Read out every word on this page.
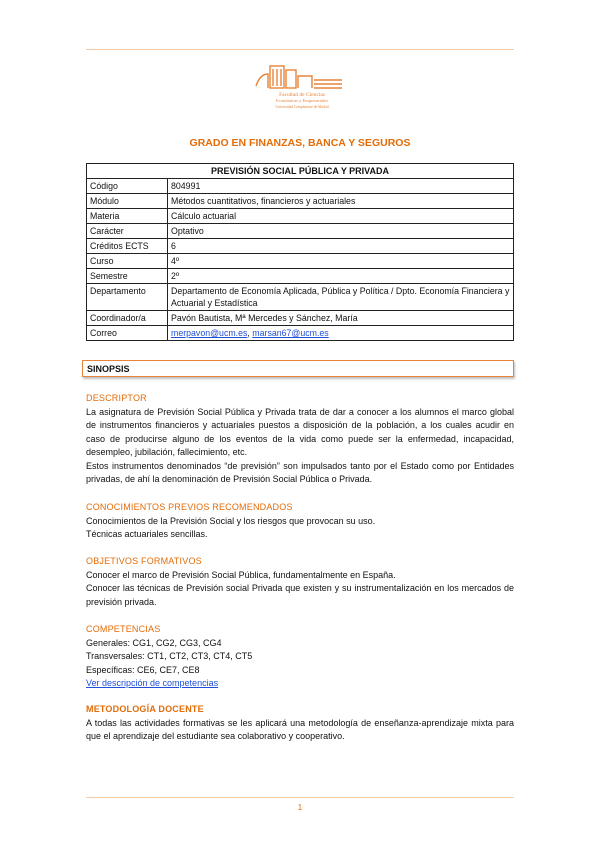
Facultad de Ciencias
Económicas y Empresariales
Universidad Complutense de Madrid
GRADO EN FINANZAS, BANCA Y SEGUROS
PREVISIÓN SOCIAL PÚBLICA Y PRIVADA	
Código	804991
Módulo	Métodos cuantitativos, financieros y actuariales
Materia	Cálculo actuarial
Carácter	Optativo
Créditos ECTS	6
Curso	4º
Semestre	2º
Departamento	Departamento de Economía Aplicada, Pública y Política / Dpto. Economía Financiera y Actuarial y Estadística
Coordinador/a	Pavón Bautista, Mª Mercedes y Sánchez, María
Correo	merpavon@ucm.es, marsan67@ucm.es
SINOPSIS
DESCRIPTOR

La asignatura de Previsión Social Pública y Privada trata de dar a conocer a los alumnos el marco global de instrumentos financieros y actuariales puestos a disposición de la población, a los cuales acudir en caso de producirse alguno de los eventos de la vida como puede ser la enfermedad, incapacidad, desempleo, jubilación, fallecimiento, etc.

Estos instrumentos denominados “de previsión” son impulsados tanto por el Estado como por Entidades privadas, de ahí la denominación de Previsión Social Pública o Privada.

CONOCIMIENTOS PREVIOS RECOMENDADOS

Conocimientos de la Previsión Social y los riesgos que provocan su uso.

Técnicas actuariales sencillas.

OBJETIVOS FORMATIVOS

Conocer el marco de Previsión Social Pública, fundamentalmente en España.

Conocer las técnicas de Previsión social Privada que existen y su instrumentalización en los mercados de previsión privada.

COMPETENCIAS

Generales: CG1, CG2, CG3, CG4

Transversales: CT1, CT2, CT3, CT4, CT5

Específicas: CE6, CE7, CE8

Ver descripción de competencias

METODOLOGÍA DOCENTE

A todas las actividades formativas se les aplicará una metodología de enseñanza-aprendizaje mixta para que el aprendizaje del estudiante sea colaborativo y cooperativo.

1
